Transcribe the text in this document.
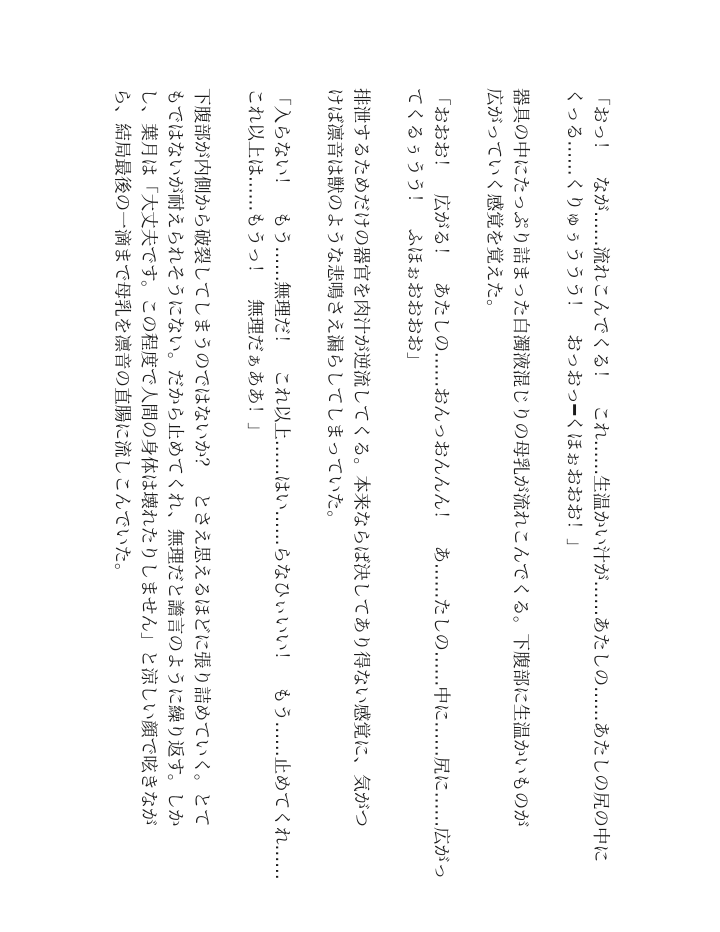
「おっ！　なが……流れこんでくる！　これ……生温かい汁が……あたしの……あたしの尻の中に
くっる……くりゅぅううう！　おっおっ━くほぉおおお！」
器具の中にたっぷり詰まった白濁液混じりの母乳が流れこんでくる。下腹部に生温かいものが
広がっていく感覚を覚えた。
「おおお！　広がる！　あたしの……おんっおんんん！　あ……たしの……中に……尻に……広がっ
てくるぅうう！　ふほぉおおおお」
排泄するためだけの器官を肉汁が逆流してくる。本来ならば決してあり得ない感覚に、気がつ
けば凛音は獣のような悲鳴さえ漏らしてしまっていた。
「入らない！　もう……無理だ！　これ以上……はい……らなひぃいい！　もう……止めてくれ……
これ以上は……もうっ！　無理だぁああ！」
下腹部が内側から破裂してしまうのではないか？　とさえ思えるほどに張り詰めていく。とて
もではないが耐えられそうにない。だから止めてくれ、無理だと譫言のように繰り返す。しか
し、葉月は「大丈夫です。この程度で人間の身体は壊れたりしません」と涼しい顔で呟きなが
ら、結局最後の一滴まで母乳を凛音の直腸に流しこんでいた。
